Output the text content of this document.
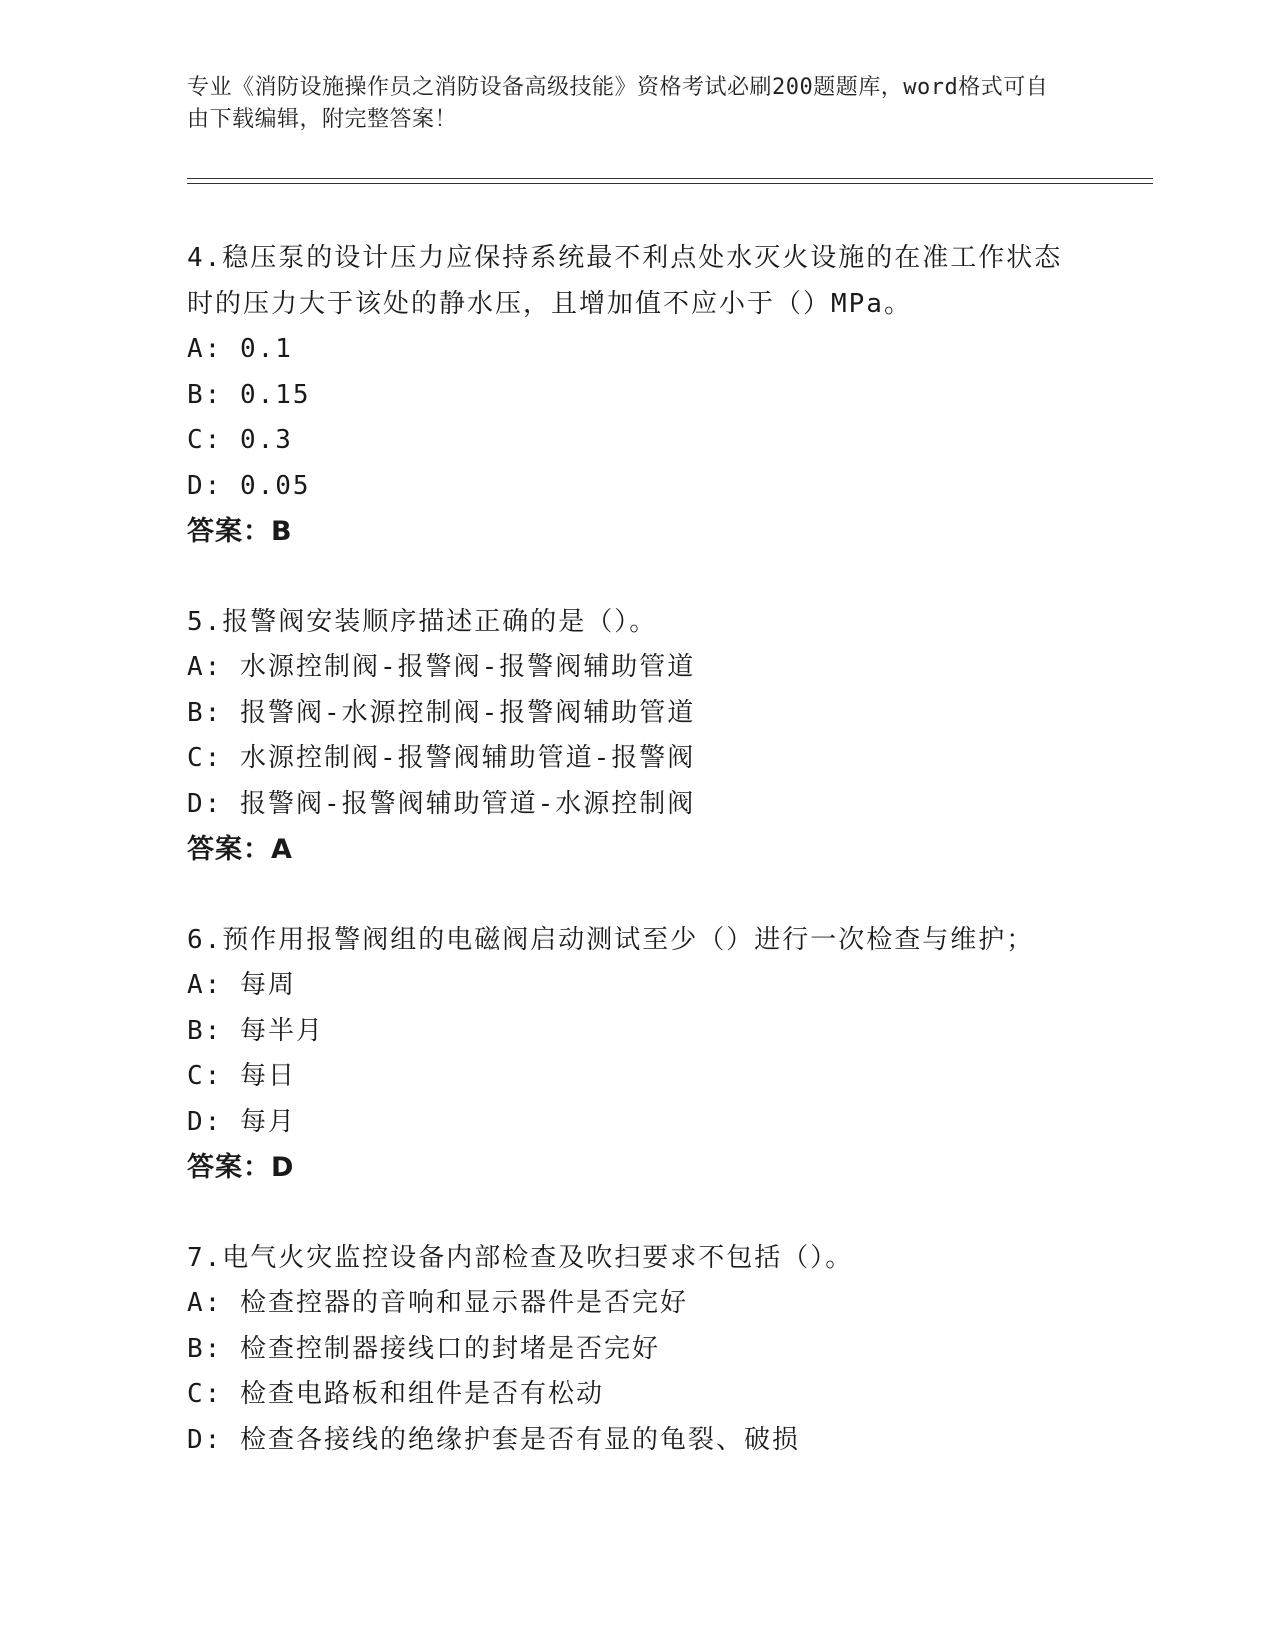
专业《消防设施操作员之消防设备高级技能》资格考试必刷200题题库，word格式可自由下载编辑，附完整答案！

4.稳压泵的设计压力应保持系统最不利点处水灭火设施的在准工作状态时的压力大于该处的静水压，且增加值不应小于（）MPa。

A: 0.1

B: 0.15

C: 0.3

D: 0.05

答案：B

5.报警阀安装顺序描述正确的是（）。

A: 水源控制阀-报警阀-报警阀辅助管道

B: 报警阀-水源控制阀-报警阀辅助管道

C: 水源控制阀-报警阀辅助管道-报警阀

D: 报警阀-报警阀辅助管道-水源控制阀

答案：A

6.预作用报警阀组的电磁阀启动测试至少（）进行一次检查与维护；

A: 每周

B: 每半月

C: 每日

D: 每月

答案：D

7.电气火灾监控设备内部检查及吹扫要求不包括（）。

A: 检查控器的音响和显示器件是否完好

B: 检查控制器接线口的封堵是否完好

C: 检查电路板和组件是否有松动

D: 检查各接线的绝缘护套是否有显的龟裂、破损
